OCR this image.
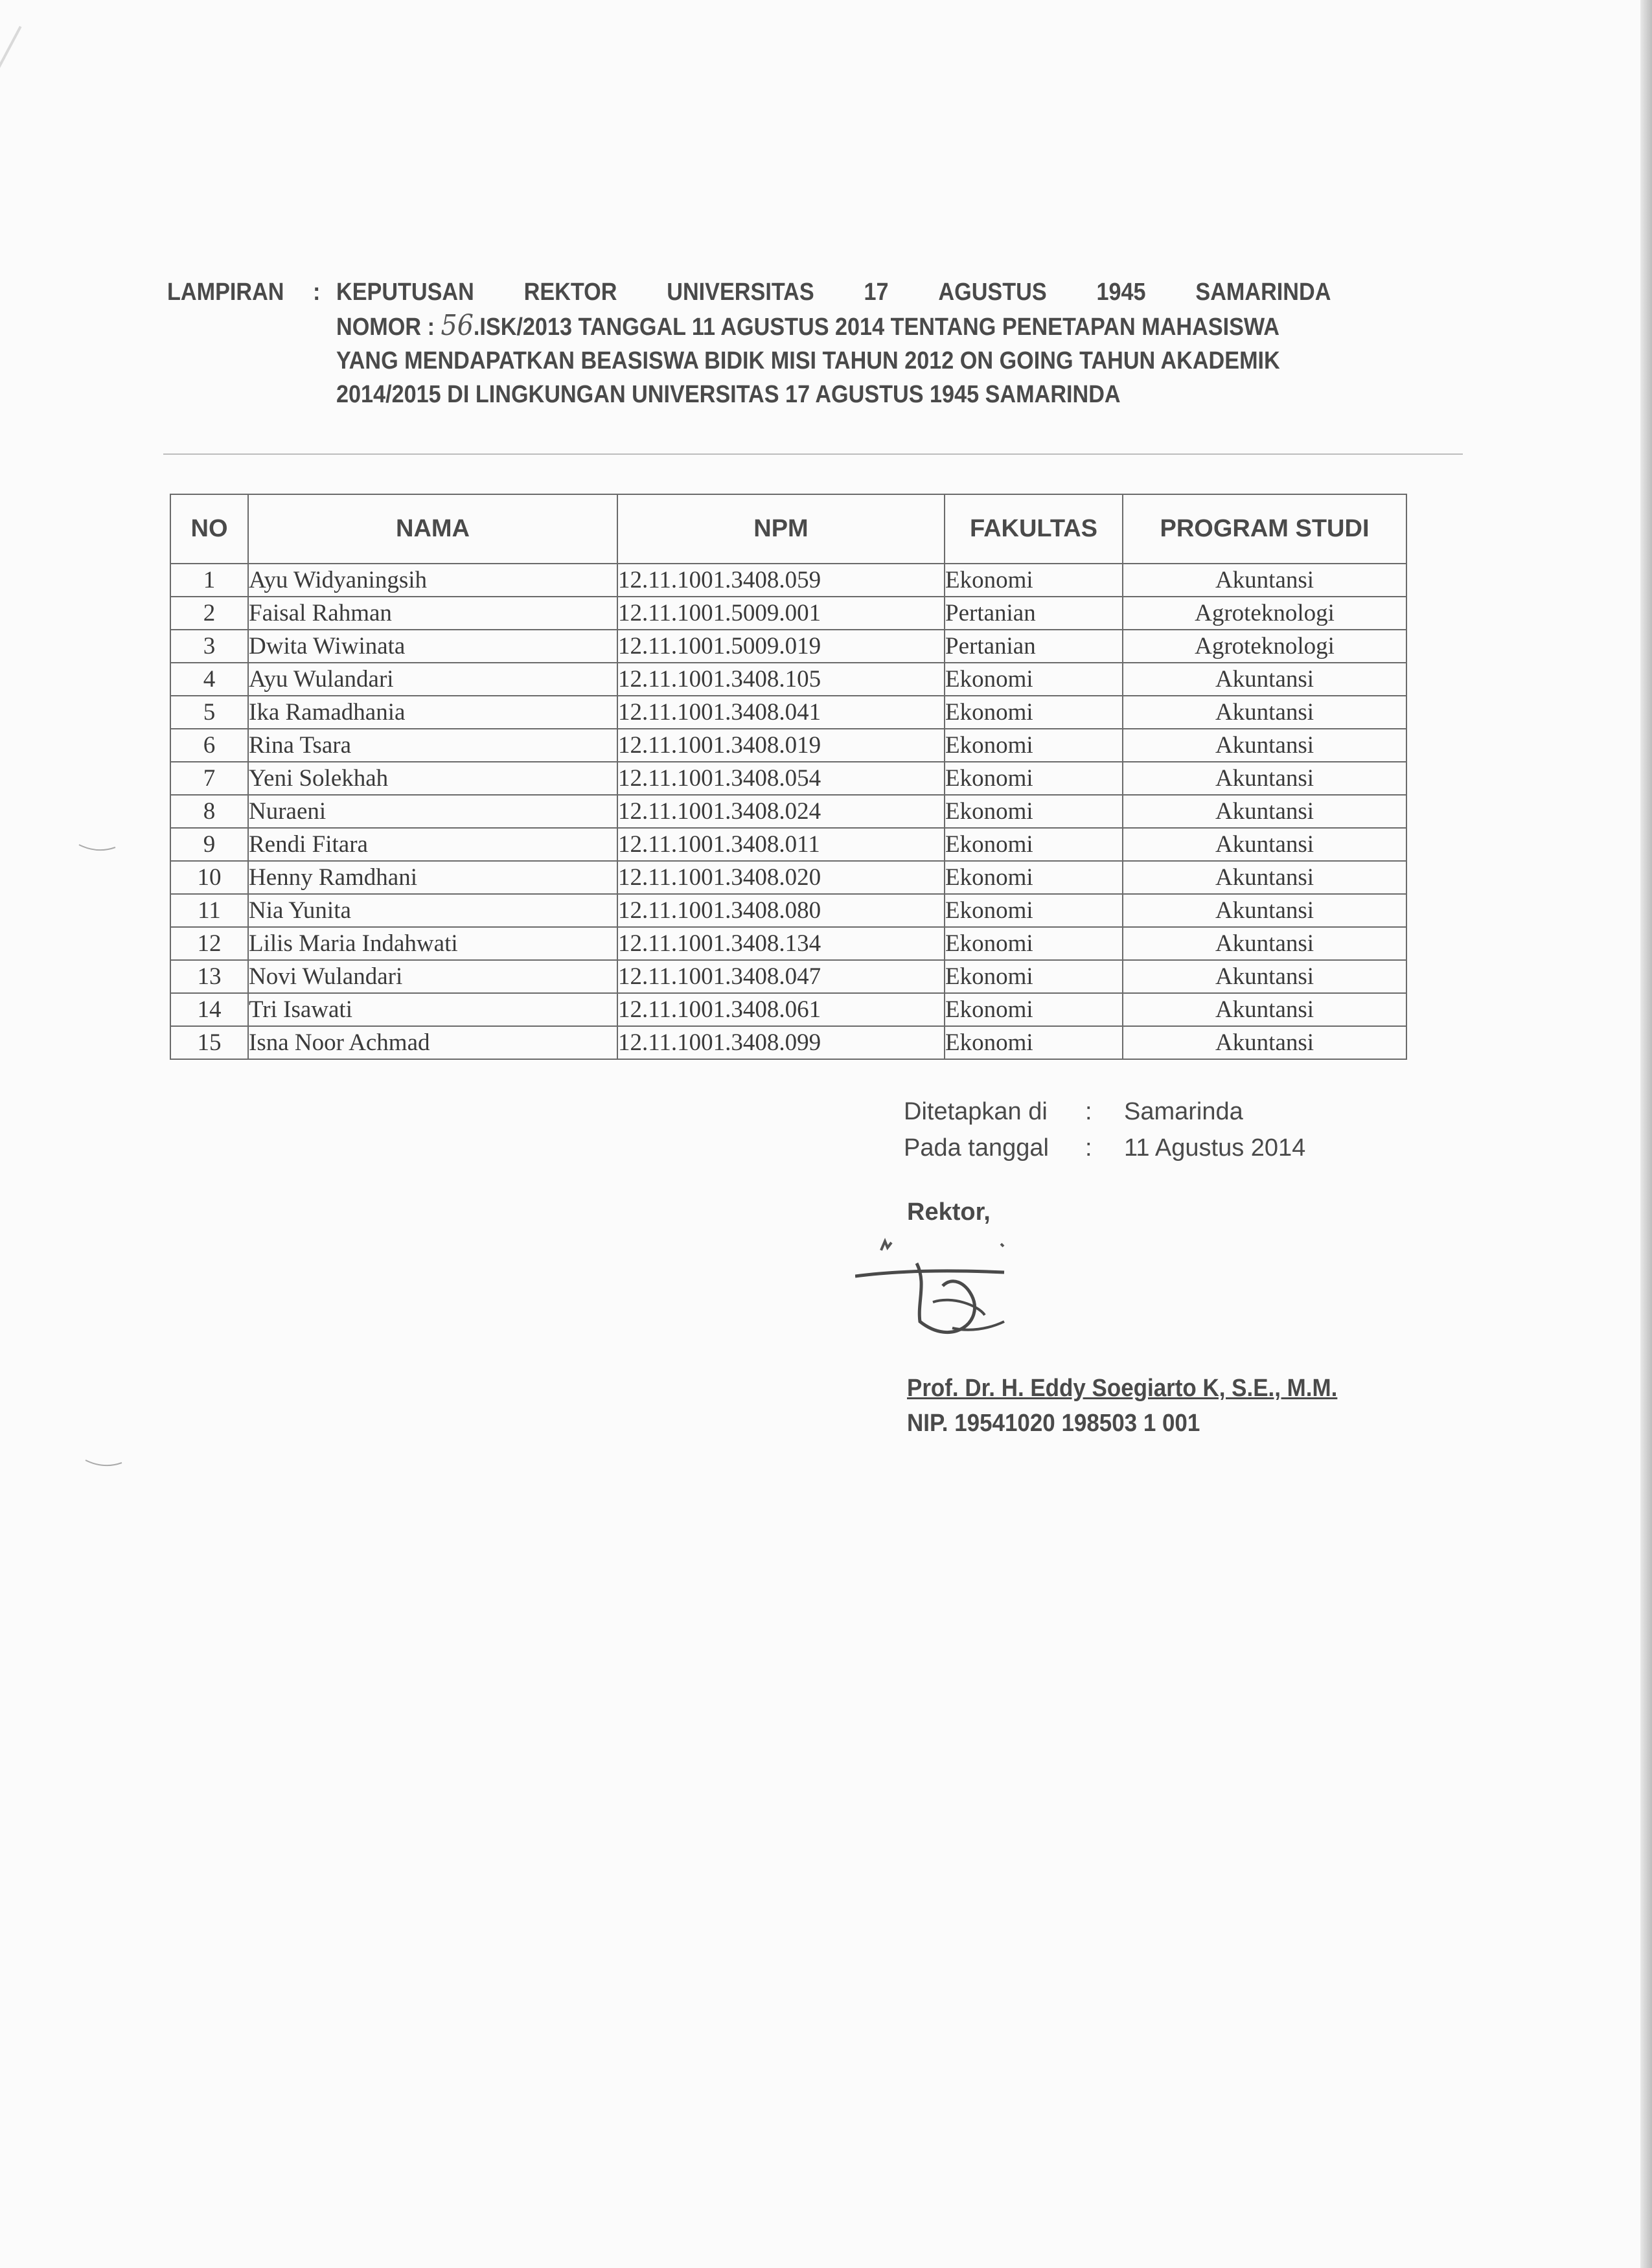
LAMPIRAN : KEPUTUSAN REKTOR UNIVERSITAS 17 AGUSTUS 1945 SAMARINDA
NOMOR : 56.ISK/2013 TANGGAL 11 AGUSTUS 2014 TENTANG PENETAPAN MAHASISWA
YANG MENDAPATKAN BEASISWA BIDIK MISI TAHUN 2012 ON GOING TAHUN AKADEMIK
2014/2015 DI LINGKUNGAN UNIVERSITAS 17 AGUSTUS 1945 SAMARINDA
NO	NAMA	NPM	FAKULTAS	PROGRAM STUDI
1	Ayu Widyaningsih	12.11.1001.3408.059	Ekonomi	Akuntansi
2	Faisal Rahman	12.11.1001.5009.001	Pertanian	Agroteknologi
3	Dwita Wiwinata	12.11.1001.5009.019	Pertanian	Agroteknologi
4	Ayu Wulandari	12.11.1001.3408.105	Ekonomi	Akuntansi
5	Ika Ramadhania	12.11.1001.3408.041	Ekonomi	Akuntansi
6	Rina Tsara	12.11.1001.3408.019	Ekonomi	Akuntansi
7	Yeni Solekhah	12.11.1001.3408.054	Ekonomi	Akuntansi
8	Nuraeni	12.11.1001.3408.024	Ekonomi	Akuntansi
9	Rendi Fitara	12.11.1001.3408.011	Ekonomi	Akuntansi
10	Henny Ramdhani	12.11.1001.3408.020	Ekonomi	Akuntansi
11	Nia Yunita	12.11.1001.3408.080	Ekonomi	Akuntansi
12	Lilis Maria Indahwati	12.11.1001.3408.134	Ekonomi	Akuntansi
13	Novi Wulandari	12.11.1001.3408.047	Ekonomi	Akuntansi
14	Tri Isawati	12.11.1001.3408.061	Ekonomi	Akuntansi
15	Isna Noor Achmad	12.11.1001.3408.099	Ekonomi	Akuntansi
Ditetapkan di	:	Samarinda
Pada tanggal	:	11 Agustus 2014
Rektor,
Prof. Dr. H. Eddy Soegiarto K, S.E., M.M.
NIP. 19541020 198503 1 001
